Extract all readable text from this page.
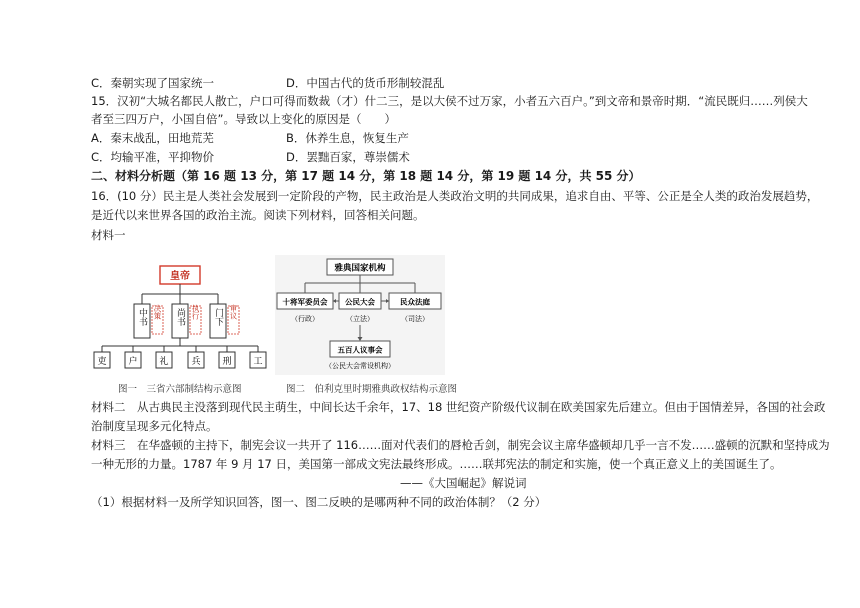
C．秦朝实现了国家统一	D．中国古代的货币形制较混乱
15．汉初“大城名都民人散亡，户口可得而数裁（才）什二三，是以大侯不过万家，小者五六百户。”到文帝和景帝时期．“流民既归……列侯大
者至三四万户，小国自倍”。导致以上变化的原因是（　　）
A．秦末战乱，田地荒芜	B．休养生息，恢复生产
C．均输平准，平抑物价	D．罢黜百家，尊崇儒术
二、材料分析题（第 16 题 13 分，第 17 题 14 分，第 18 题 14 分，第 19 题 14 分，共 55 分）
16．(10 分）民主是人类社会发展到一定阶段的产物，民主政治是人类政治文明的共同成果，追求自由、平等、公正是全人类的政治发展趋势，
是近代以来世界各国的政治主流。阅读下列材料，回答相关问题。
材料一
皇帝
中书 决策 尚书 执行 门下 审议
吏 户 礼	兵 刑 工
图一　三省六部制结构示意图
雅典国家机构
十将军委员会
（行政）
公民大会
（立法）
民众法庭
（司法）
五百人议事会
（公民大会常设机构）
图二　伯利克里时期雅典政权结构示意图
材料二　从古典民主没落到现代民主萌生，中间长达千余年，17、18 世纪资产阶级代议制在欧美国家先后建立。但由于国情差异，各国的社会政
治制度呈现多元化特点。
材料三　在华盛顿的主持下，制宪会议一共开了 116……面对代表们的唇枪舌剑，制宪会议主席华盛顿却几乎一言不发……盛顿的沉默和坚持成为
一种无形的力量。1787 年 9 月 17 日，美国第一部成文宪法最终形成。……联邦宪法的制定和实施，使一个真正意义上的美国诞生了。
——《大国崛起》解说词
（1）根据材料一及所学知识回答，图一、图二反映的是哪两种不同的政治体制？（2 分）
